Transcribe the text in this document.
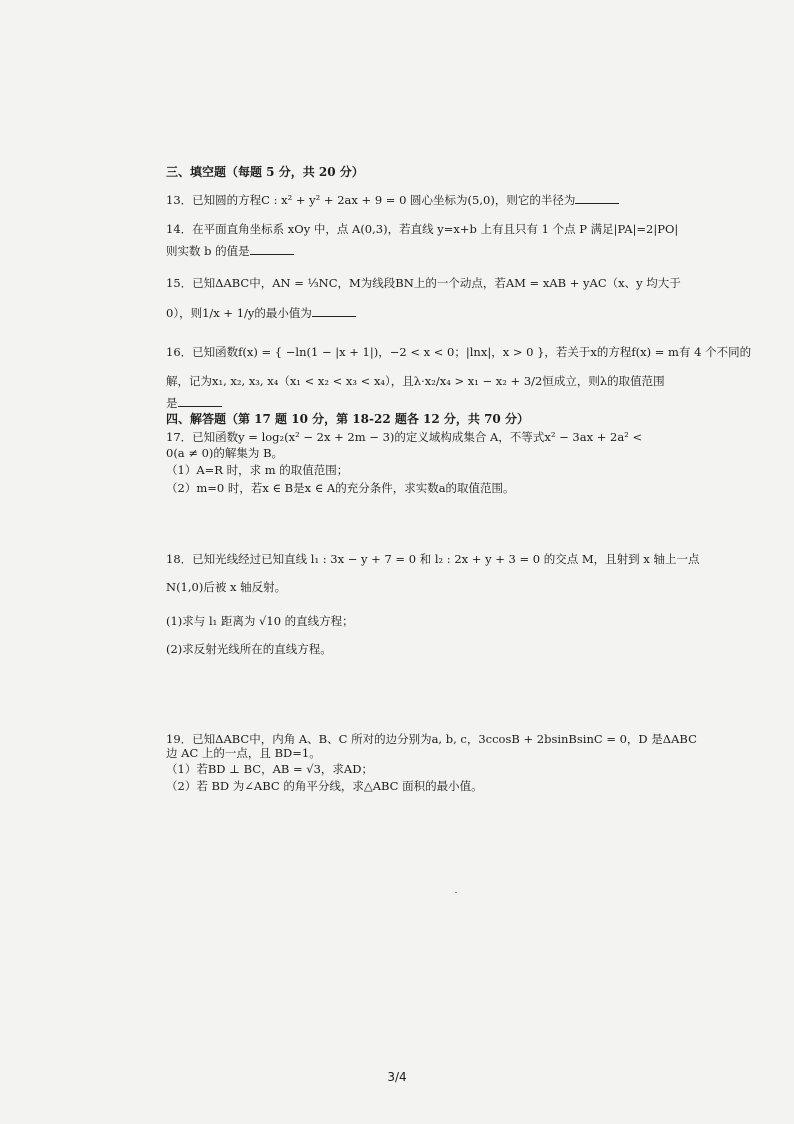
三、填空题（每题 5 分，共 20 分）
13．已知圆的方程C : x² + y² + 2ax + 9 = 0 圆心坐标为(5,0)，则它的半径为
14．在平面直角坐标系 xOy 中，点 A(0,3)，若直线 y=x+b 上有且只有 1 个点 P 满足|PA|=2|PO|
则实数 b 的值是
15．已知ΔABC中，AN = ⅓NC，M为线段BN上的一个动点，若AM = xAB + yAC（x、y 均大于
0），则1/x + 1/y的最小值为
16．已知函数f(x) = { −ln(1 − |x + 1|)，−2 < x < 0；|lnx|，x > 0 }，若关于x的方程f(x) = m有 4 个不同的
解，记为x₁, x₂, x₃, x₄（x₁ < x₂ < x₃ < x₄），且λ·x₂/x₄ > x₁ − x₂ + 3/2恒成立，则λ的取值范围
是
四、解答题（第 17 题 10 分，第 18-22 题各 12 分，共 70 分）
17．已知函数y = log₂(x² − 2x + 2m − 3)的定义域构成集合 A，不等式x² − 3ax + 2a² <
0(a ≠ 0)的解集为 B。
（1）A=R 时，求 m 的取值范围；
（2）m=0 时，若x ∈ B是x ∈ A的充分条件，求实数a的取值范围。
18．已知光线经过已知直线 l₁ : 3x − y + 7 = 0 和 l₂ : 2x + y + 3 = 0 的交点 M，且射到 x 轴上一点
N(1,0)后被 x 轴反射。
(1)求与 l₁ 距离为 √10 的直线方程；
(2)求反射光线所在的直线方程。
19．已知ΔABC中，内角 A、B、C 所对的边分别为a, b, c，3ccosB + 2bsinBsinC = 0，D 是ΔABC
边 AC 上的一点，且 BD=1。
（1）若BD ⊥ BC，AB = √3，求AD；
（2）若 BD 为∠ABC 的角平分线，求△ABC 面积的最小值。
3/4
